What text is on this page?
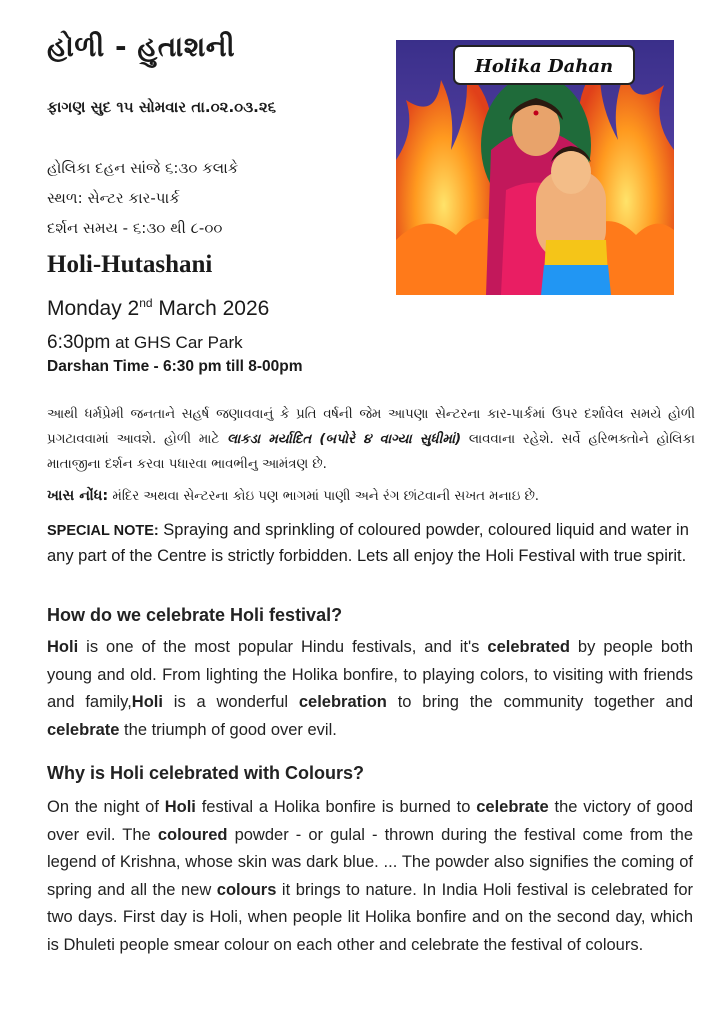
હોળી - હુતાશની
ફાગણ સુદ ૧૫ સોમવાર તા.૦૨.૦૩.૨૬
હોલિકા દહન સાંજે ૬:૩૦ કલાકે
સ્થળ: સેન્ટર કાર-પાર્ક
દર્શન સમય - ૬:૩૦ થી ૮-૦૦
Holi-Hutashani
Monday 2nd March 2026
6:30pm at GHS Car Park
Darshan Time - 6:30 pm till 8-00pm
Holika Dahan
આથી ધર્મપ્રેમી જનતાને સહર્ષ જણાવવાનું કે પ્રતિ વર્ષની જેમ આપણા સેન્ટરના કાર-પાર્કમાં ઉપર દર્શાવેલ સમયે હોળી પ્રગટાવવામાં આવશે. હોળી માટે લાકડા મર્યાદિત (બપોરે ૪ વાગ્યા સુધીમાં) લાવવાના રહેશે. સર્વે હરિભક્તોને હોલિકા માતાજીના દર્શન કરવા પધારવા ભાવભીનુ આમંત્રણ છે.
ખાસ નોંધ: મંદિર અથવા સેન્ટરના કોઇ પણ ભાગમાં પાણી અને રંગ છાંટવાની સખત મનાઇ છે.
SPECIAL NOTE: Spraying and sprinkling of coloured powder, coloured liquid and water in any part of the Centre is strictly forbidden. Lets all enjoy the Holi Festival with true spirit.
How do we celebrate Holi festival?
Holi is one of the most popular Hindu festivals, and it's celebrated by people both young and old. From lighting the Holika bonfire, to playing colors, to visiting with friends and family,Holi is a wonderful celebration to bring the community together and celebrate the triumph of good over evil.
Why is Holi celebrated with Colours?
On the night of Holi festival a Holika bonfire is burned to celebrate the victory of good over evil. The coloured powder - or gulal - thrown during the festival come from the legend of Krishna, whose skin was dark blue. ... The powder also signifies the coming of spring and all the new colours it brings to nature. In India Holi festival is celebrated for two days. First day is Holi, when people lit Holika bonfire and on the second day, which is Dhuleti people smear colour on each other and celebrate the festival of colours.
